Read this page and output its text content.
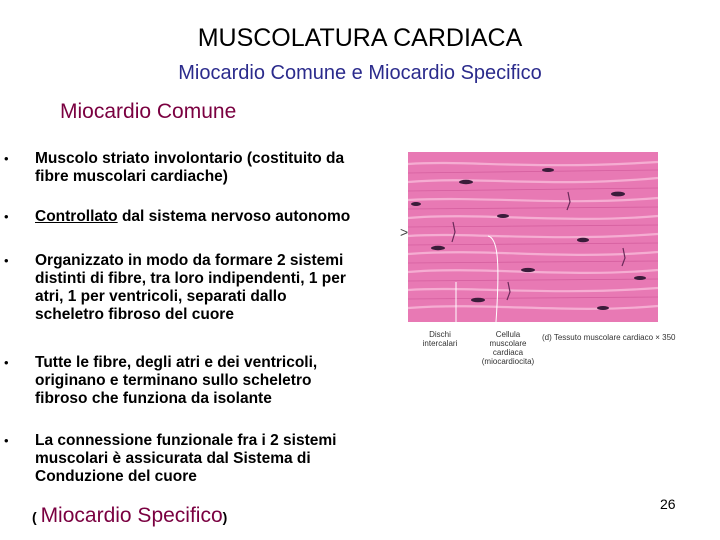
MUSCOLATURA CARDIACA
Miocardio Comune e Miocardio Specifico
Miocardio Comune
• Muscolo striato involontario (costituito da fibre muscolari cardiache)
• Controllato dal sistema nervoso autonomo
• Organizzato in modo da formare 2 sistemi distinti di fibre, tra loro indipendenti, 1 per atri, 1 per ventricoli, separati dallo scheletro fibroso del cuore
• Tutte le fibre, degli atri e dei ventricoli, originano e terminano sullo scheletro fibroso che funziona da isolante
• La connessione funzionale fra i 2 sistemi muscolari è assicurata dal Sistema di Conduzione del cuore
( Miocardio Specifico)
26
>
Dischi intercalari
Cellula muscolare cardiaca (miocardiocita)
(d) Tessuto muscolare cardiaco × 350
